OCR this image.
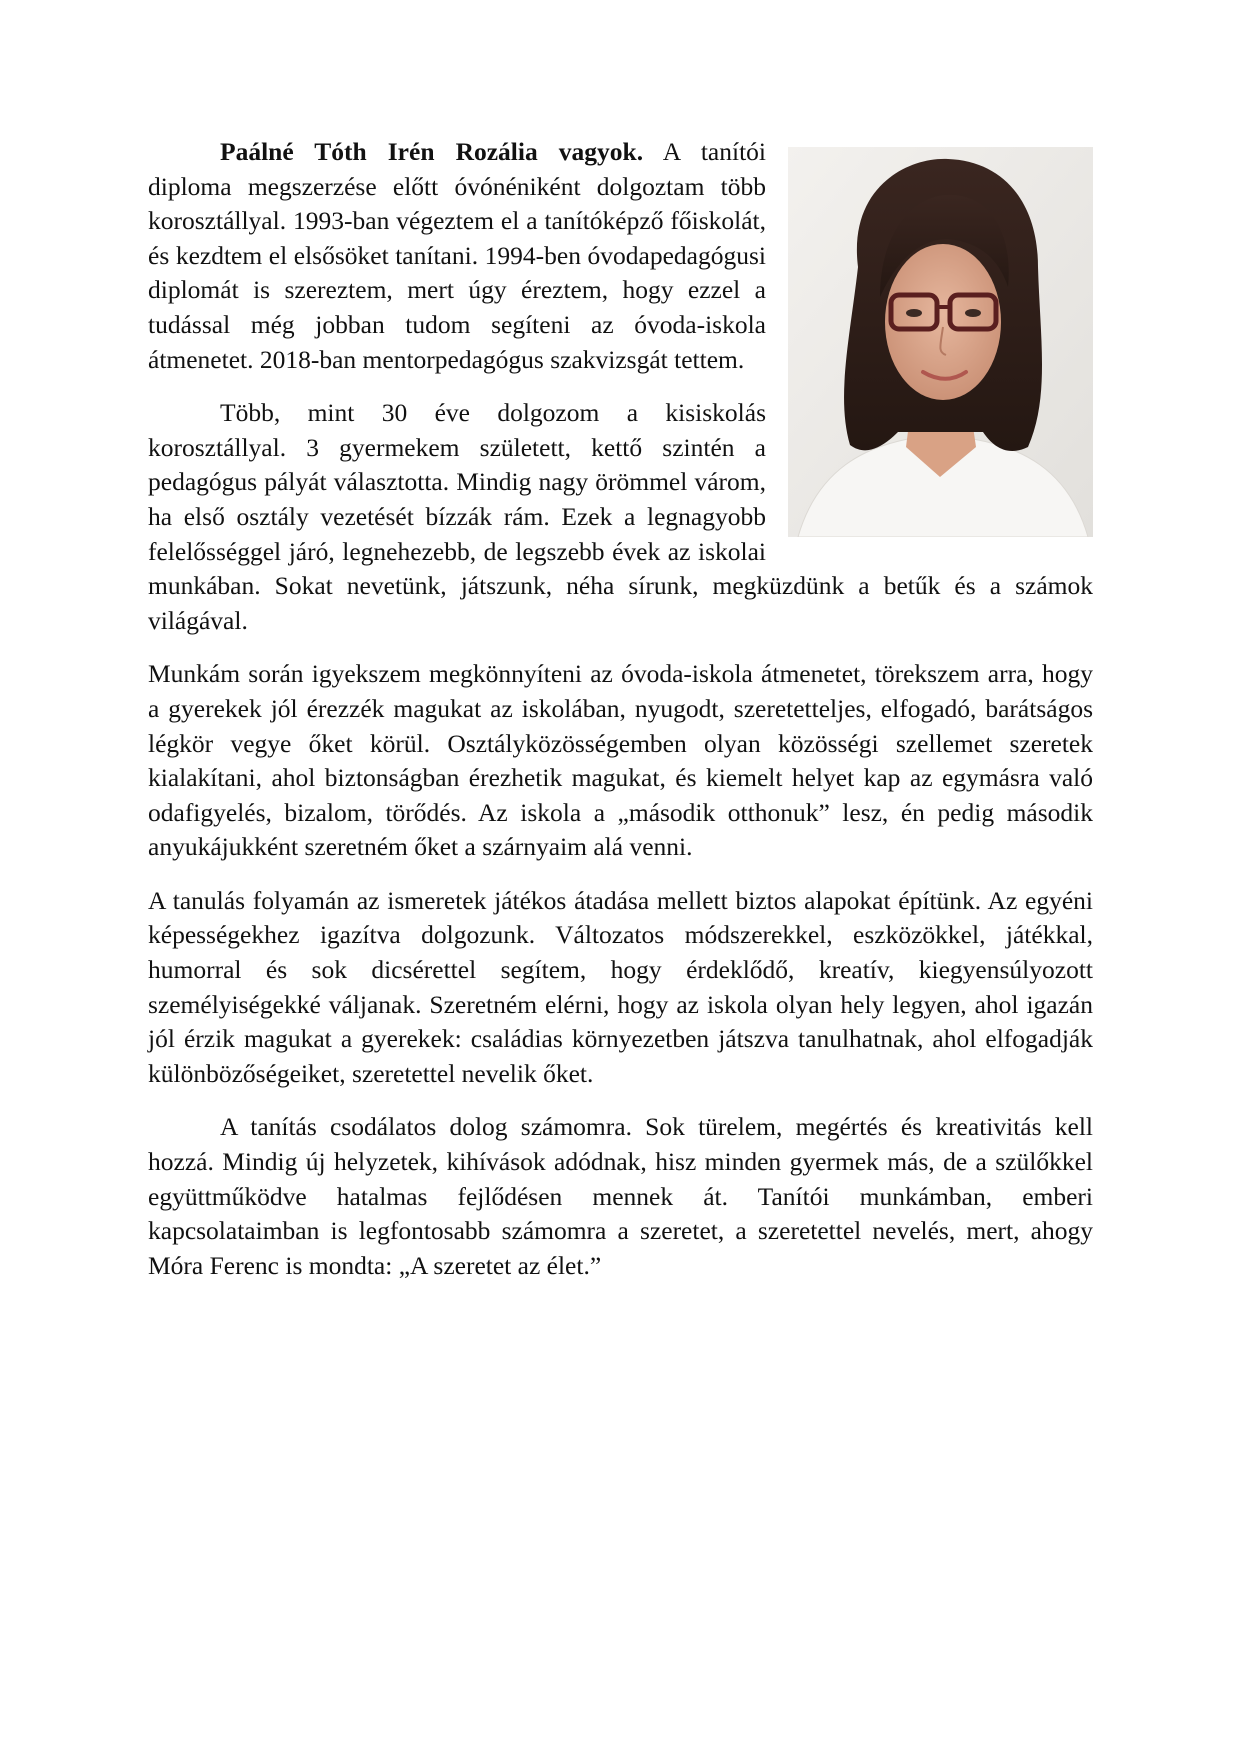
Paálné Tóth Irén Rozália vagyok. A tanítói diploma megszerzése előtt óvónéniként dolgoztam több korosztállyal. 1993-ban végeztem el a tanítóképző főiskolát, és kezdtem el elsősöket tanítani. 1994-ben óvodapedagógusi diplomát is szereztem, mert úgy éreztem, hogy ezzel a tudással még jobban tudom segíteni az óvoda-iskola átmenetet. 2018-ban mentorpedagógus szakvizsgát tettem.

Több, mint 30 éve dolgozom a kisiskolás korosztállyal. 3 gyermekem született, kettő szintén a pedagógus pályát választotta. Mindig nagy örömmel várom, ha első osztály vezetését bízzák rám. Ezek a legnagyobb felelősséggel járó, legnehezebb, de legszebb évek az iskolai munkában. Sokat nevetünk, játszunk, néha sírunk, megküzdünk a betűk és a számok világával.

Munkám során igyekszem megkönnyíteni az óvoda-iskola átmenetet, törekszem arra, hogy a gyerekek jól érezzék magukat az iskolában, nyugodt, szeretetteljes, elfogadó, barátságos légkör vegye őket körül. Osztályközösségemben olyan közösségi szellemet szeretek kialakítani, ahol biztonságban érezhetik magukat, és kiemelt helyet kap az egymásra való odafigyelés, bizalom, törődés. Az iskola a „második otthonuk” lesz, én pedig második anyukájukként szeretném őket a szárnyaim alá venni.

A tanulás folyamán az ismeretek játékos átadása mellett biztos alapokat építünk. Az egyéni képességekhez igazítva dolgozunk. Változatos módszerekkel, eszközökkel, játékkal, humorral és sok dicsérettel segítem, hogy érdeklődő, kreatív, kiegyensúlyozott személyiségekké váljanak. Szeretném elérni, hogy az iskola olyan hely legyen, ahol igazán jól érzik magukat a gyerekek: családias környezetben játszva tanulhatnak, ahol elfogadják különbözőségeiket, szeretettel nevelik őket.

A tanítás csodálatos dolog számomra. Sok türelem, megértés és kreativitás kell hozzá. Mindig új helyzetek, kihívások adódnak, hisz minden gyermek más, de a szülőkkel együttműködve hatalmas fejlődésen mennek át. Tanítói munkámban, emberi kapcsolataimban is legfontosabb számomra a szeretet, a szeretettel nevelés, mert, ahogy Móra Ferenc is mondta: „A szeretet az élet.”
